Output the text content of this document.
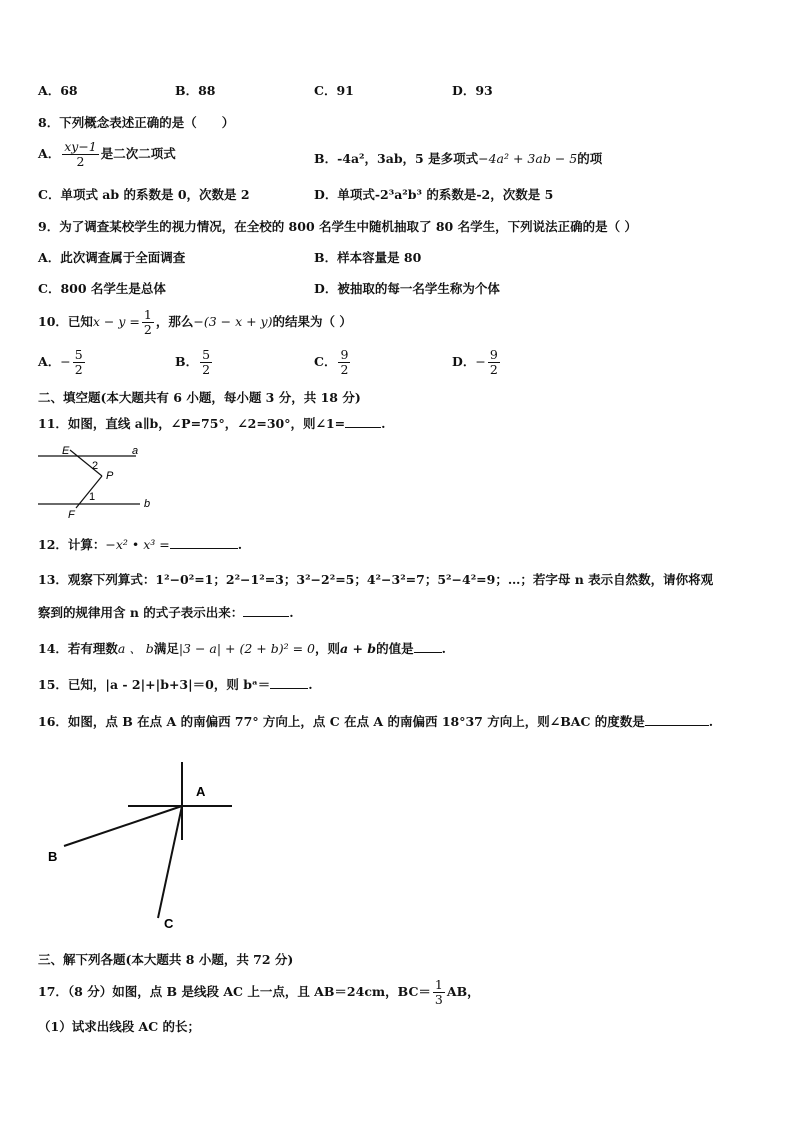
A．68	B．88	C．91	D．93
8．下列概念表述正确的是（　　）
A． $\frac{xy-1}{2}$ 是二次二项式	B．-4a²，3ab，5 是多项式−4a² + 3ab − 5的项
C．单项式 ab 的系数是 0，次数是 2	D．单项式-2³a²b³ 的系数是-2，次数是 5
9．为了调查某校学生的视力情况，在全校的 800 名学生中随机抽取了 80 名学生，下列说法正确的是（ ）
A．此次调查属于全面调查	B．样本容量是 80
C．800 名学生是总体	D．被抽取的每一名学生称为个体
10．已知$x - y = \frac{1}{2}$ ，那么−(3 − x + y)的结果为（ ）
A．− $\frac{5}{2}$	B． $\frac{5}{2}$	C． $\frac{9}{2}$	D．− $\frac{9}{2}$
二、填空题(本大题共有 6 小题，每小题 3 分，共 18 分)
11．如图，直线 a∥b，∠P=75°，∠2=30°，则∠1=	.
E	a
2
P
1
b
F
12．计算：−x² • x³ =	.
13．观察下列算式：1²−0²=1；2²−1²=3；3²−2²=5；4²−3²=7；5²−4²=9；…；若字母 n 表示自然数，请你将观
察到的规律用含 n 的式子表示出来：	.
14．若有理数a 、 b满足|3 − a| + (2 + b)² = 0，则a + b的值是 .
15．已知，|a - 2|+|b+3|＝0，则 bᵃ＝	.
16．如图，点 B 在点 A 的南偏西 77° 方向上，点 C 在点 A 的南偏西 18°37 方向上，则∠BAC 的度数是	.
A
B
C
三、解下列各题(本大题共 8 小题，共 72 分)
17．（8 分）如图，点 B 是线段 AC 上一点，且 AB＝24cm，$BC= \frac{1}{3}$ AB，
（1）试求出线段 AC 的长；
